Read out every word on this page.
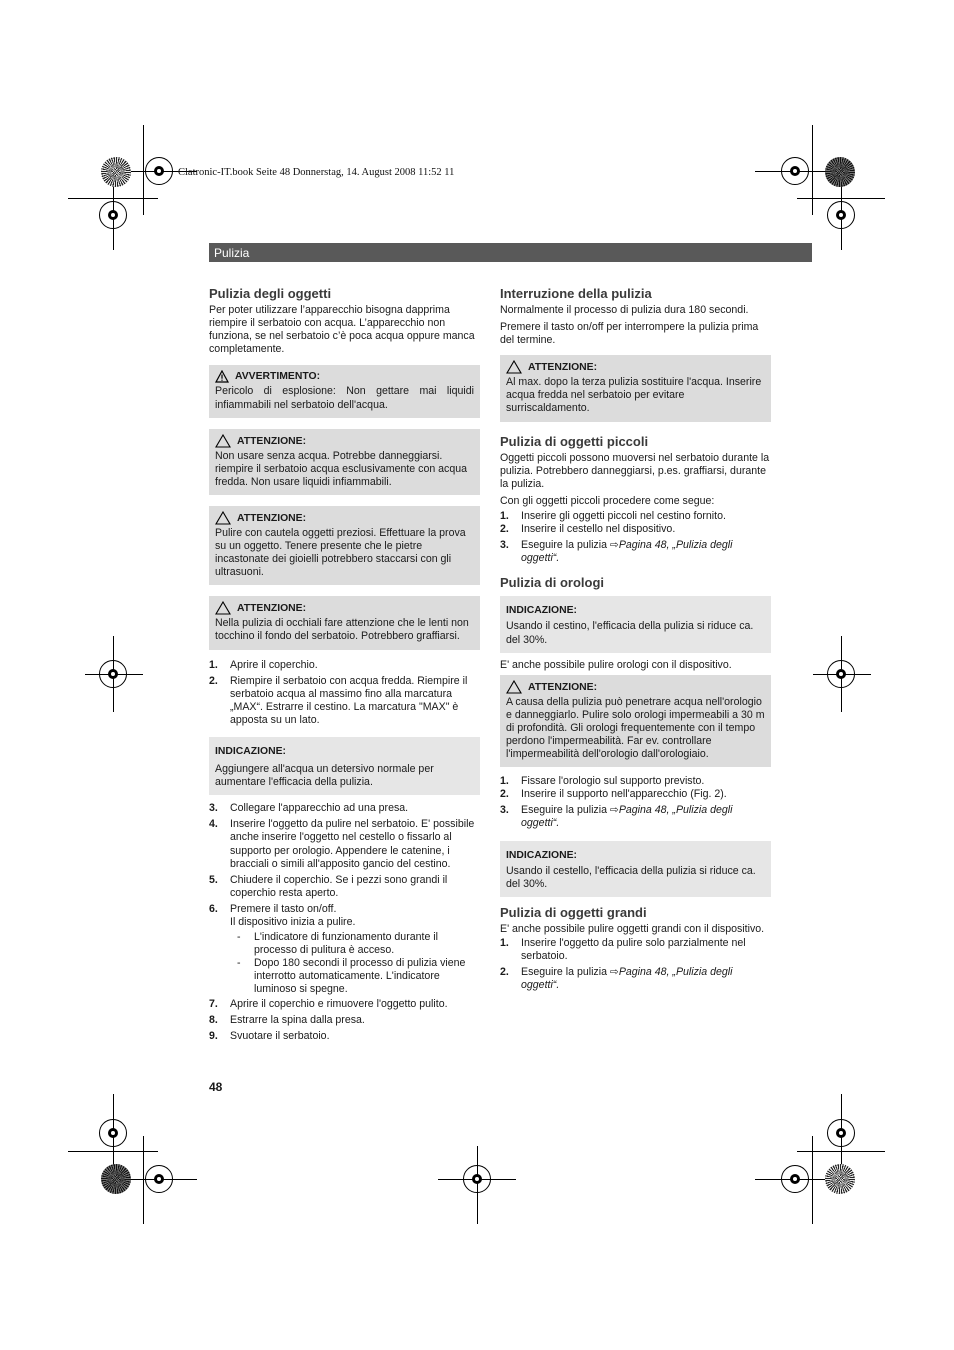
Clatronic-IT.book Seite 48 Donnerstag, 14. August 2008 11:52 11
Pulizia
Pulizia degli oggetti

Per poter utilizzare l’apparecchio bisogna dapprima riempire il serbatoio con acqua. L’apparecchio non funziona, se nel serbatoio c’è poca acqua oppure manca completamente.

AVVERTIMENTO:

Pericolo di esplosione: Non gettare mai liquidi infiammabili nel serbatoio dell'acqua.

ATTENZIONE:

Non usare senza acqua. Potrebbe danneggiarsi. riempire il serbatoio acqua esclusivamente con acqua fredda. Non usare liquidi infiammabili.

ATTENZIONE:

Pulire con cautela oggetti preziosi. Effettuare la prova su un oggetto. Tenere presente che le pietre incastonate dei gioielli potrebbero staccarsi con gli ultrasuoni.

ATTENZIONE:

Nella pulizia di occhiali fare attenzione che le lenti non tocchino il fondo del serbatoio. Potrebbero graffiarsi.

1. Aprire il coperchio.
2. Riempire il serbatoio con acqua fredda. Riempire il serbatoio acqua al massimo fino alla marcatura „MAX“. Estrarre il cestino. La marcatura "MAX" è apposta su un lato.
INDICAZIONE:

Aggiungere all'acqua un detersivo normale per aumentare l'efficacia della pulizia.

3. Collegare l'apparecchio ad una presa.
4. Inserire l'oggetto da pulire nel serbatoio. E' possibile anche inserire l'oggetto nel cestello o fissarlo al supporto per orologio. Appendere le catenine, i bracciali o simili all'apposito gancio del cestino.
5. Chiudere il coperchio. Se i pezzi sono grandi il coperchio resta aperto.
6. Premere il tasto on/off.
Il dispositivo inizia a pulire.
- L'indicatore di funzionamento durante il processo di pulitura è acceso.
- Dopo 180 secondi il processo di pulizia viene interrotto automaticamente. L'indicatore luminoso si spegne.
7. Aprire il coperchio e rimuovere l'oggetto pulito.
8. Estrarre la spina dalla presa.
9. Svuotare il serbatoio.
48
Interruzione della pulizia

Normalmente il processo di pulizia dura 180 secondi.

Premere il tasto on/off per interrompere la pulizia prima del termine.

ATTENZIONE:

Al max. dopo la terza pulizia sostituire l'acqua. Inserire acqua fredda nel serbatoio per evitare surriscaldamento.

Pulizia di oggetti piccoli

Oggetti piccoli possono muoversi nel serbatoio durante la pulizia. Potrebbero danneggiarsi, p.es. graffiarsi, durante la pulizia.

Con gli oggetti piccoli procedere come segue:

1. Inserire gli oggetti piccoli nel cestino fornito.
2. Inserire il cestello nel dispositivo.
3. Eseguire la pulizia ⇨Pagina 48, „Pulizia degli oggetti“.
Pulizia di orologi
INDICAZIONE:

Usando il cestino, l'efficacia della pulizia si riduce ca. del 30%.

E' anche possibile pulire orologi con il dispositivo.

ATTENZIONE:

A causa della pulizia può penetrare acqua nell'orologio e danneggiarlo. Pulire solo orologi impermeabili a 30 m di profondità. Gli orologi frequentemente con il tempo perdono l'impermeabilità. Far ev. controllare l'impermeabilità dell'orologio dall'orologiaio.

1. Fissare l'orologio sul supporto previsto.
2. Inserire il supporto nell'apparecchio (Fig. 2).
3. Eseguire la pulizia ⇨Pagina 48, „Pulizia degli oggetti“.
INDICAZIONE:

Usando il cestello, l'efficacia della pulizia si riduce ca. del 30%.

Pulizia di oggetti grandi

E' anche possibile pulire oggetti grandi con il dispositivo.

1. Inserire l'oggetto da pulire solo parzialmente nel serbatoio.
2. Eseguire la pulizia ⇨Pagina 48, „Pulizia degli oggetti“.
